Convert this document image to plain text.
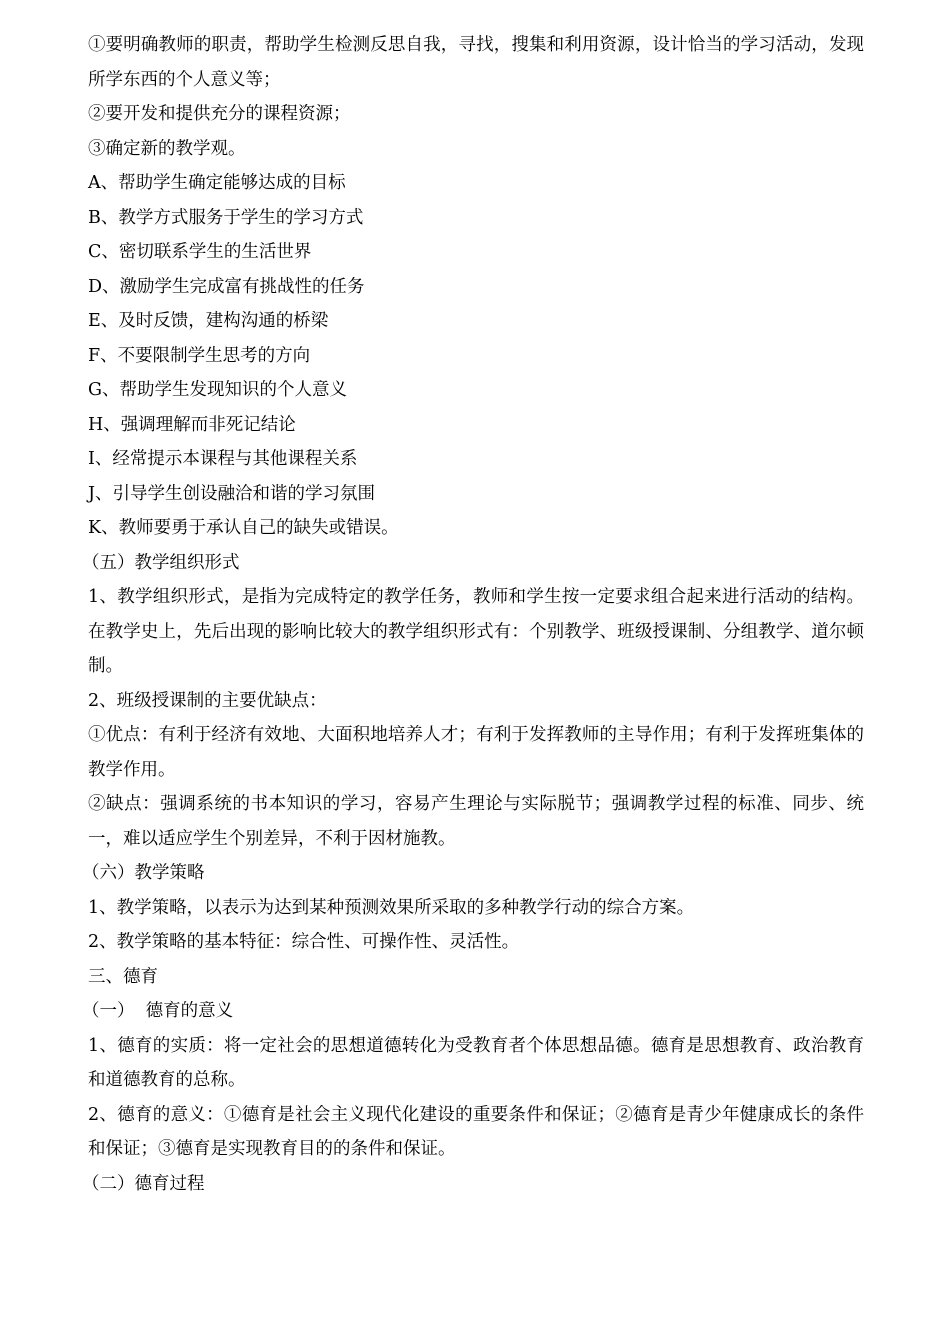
①要明确教师的职责，帮助学生检测反思自我，寻找，搜集和利用资源，设计恰当的学习活动，发现所学东西的个人意义等；

②要开发和提供充分的课程资源；

③确定新的教学观。

A、帮助学生确定能够达成的目标

B、教学方式服务于学生的学习方式

C、密切联系学生的生活世界

D、激励学生完成富有挑战性的任务

E、及时反馈，建构沟通的桥梁

F、不要限制学生思考的方向

G、帮助学生发现知识的个人意义

H、强调理解而非死记结论

I、经常提示本课程与其他课程关系

J、引导学生创设融洽和谐的学习氛围

K、教师要勇于承认自己的缺失或错误。

（五）教学组织形式

1、教学组织形式，是指为完成特定的教学任务，教师和学生按一定要求组合起来进行活动的结构。在教学史上，先后出现的影响比较大的教学组织形式有：个别教学、班级授课制、分组教学、道尔顿制。

2、班级授课制的主要优缺点：

①优点：有利于经济有效地、大面积地培养人才；有利于发挥教师的主导作用；有利于发挥班集体的教学作用。

②缺点：强调系统的书本知识的学习，容易产生理论与实际脱节；强调教学过程的标准、同步、统一，难以适应学生个别差异，不利于因材施教。

（六）教学策略

1、教学策略，以表示为达到某种预测效果所采取的多种教学行动的综合方案。

2、教学策略的基本特征：综合性、可操作性、灵活性。

三、德育

（一）  德育的意义

1、德育的实质：将一定社会的思想道德转化为受教育者个体思想品德。德育是思想教育、政治教育和道德教育的总称。

2、德育的意义：①德育是社会主义现代化建设的重要条件和保证；②德育是青少年健康成长的条件和保证；③德育是实现教育目的的条件和保证。

（二）德育过程
